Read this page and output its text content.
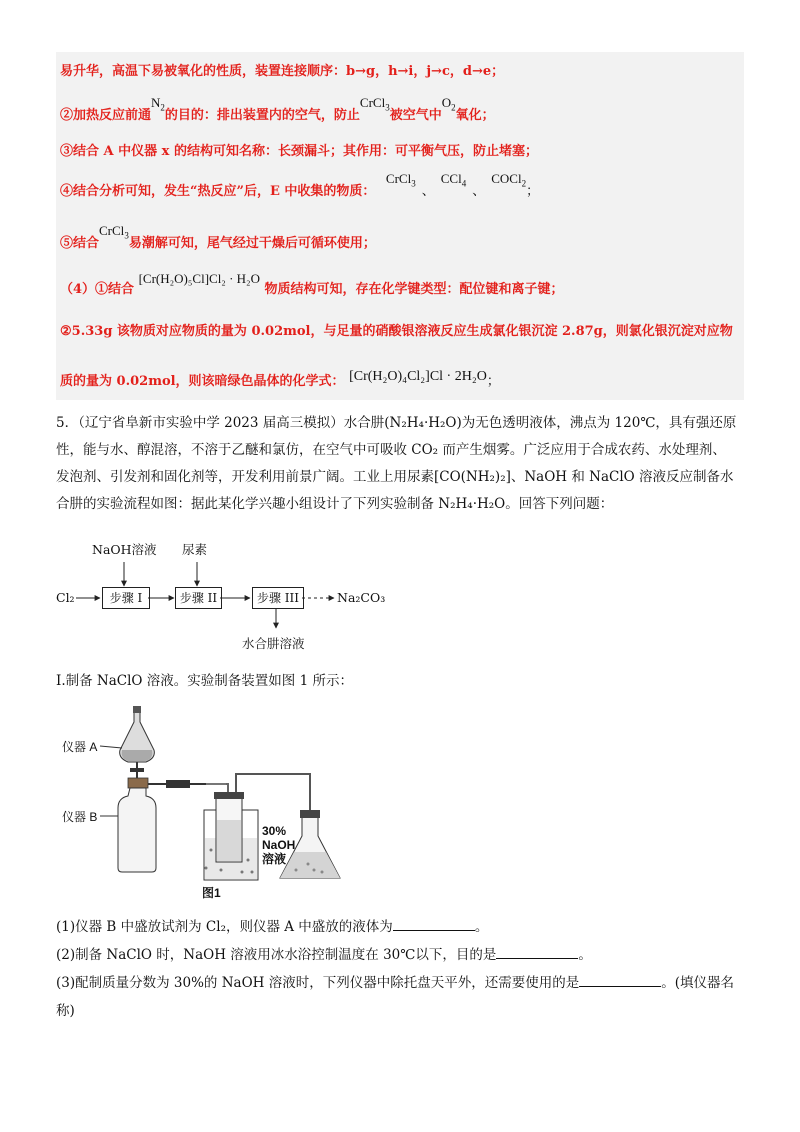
易升华，高温下易被氧化的性质，装置连接顺序：b→g，h→i，j→c，d→e；
②加热反应前通$N_2$的目的：排出装置内的空气，防止CrCl$_3$被空气中$O_2$氧化；
③结合 A 中仪器 x 的结构可知名称：长颈漏斗；其作用：可平衡气压，防止堵塞；
④结合分析可知，发生“热反应”后，E 中收集的物质： CrCl$_3$ 、CCl$_4$ 、COCl$_2$；
⑤结合CrCl$_3$易潮解可知，尾气经过干燥后可循环使用；
（4）①结合 [Cr(H₂O)₅Cl]Cl₂ · H₂O 物质结构可知，存在化学键类型：配位键和离子键；
②5.33g 该物质对应物质的量为 0.02mol，与足量的硝酸银溶液反应生成氯化银沉淀 2.87g，则氯化银沉淀对应物
质的量为 0.02mol，则该暗绿色晶体的化学式： [Cr(H₂O)₄Cl₂]Cl · 2H₂O；
5．（辽宁省阜新市实验中学 2023 届高三模拟）水合肼(N₂H₄·H₂O)为无色透明液体，沸点为 120℃，具有强还原
性，能与水、醇混溶，不溶于乙醚和氯仿，在空气中可吸收 CO₂ 而产生烟雾。广泛应用于合成农药、水处理剂、
发泡剂、引发剂和固化剂等，开发利用前景广阔。工业上用尿素[CO(NH₂)₂]、NaOH 和 NaClO 溶液反应制备水
合肼的实验流程如图：据此某化学兴趣小组设计了下列实验制备 N₂H₄·H₂O。回答下列问题：
NaOH溶液 尿素
Cl₂	步骤 I	步骤 II	步骤 III	Na₂CO₃
水合肼溶液
Ⅰ.制备 NaClO 溶液。实验制备装置如图 1 所示：
仪器 A
仪器 B
30%
NaOH
溶液
图1
(1)仪器 B 中盛放试剂为 Cl₂，则仪器 A 中盛放的液体为	。
(2)制备 NaClO 时，NaOH 溶液用冰水浴控制温度在 30℃以下，目的是	。
(3)配制质量分数为 30%的 NaOH 溶液时，下列仪器中除托盘天平外，还需要使用的是	。(填仪器名
称)
